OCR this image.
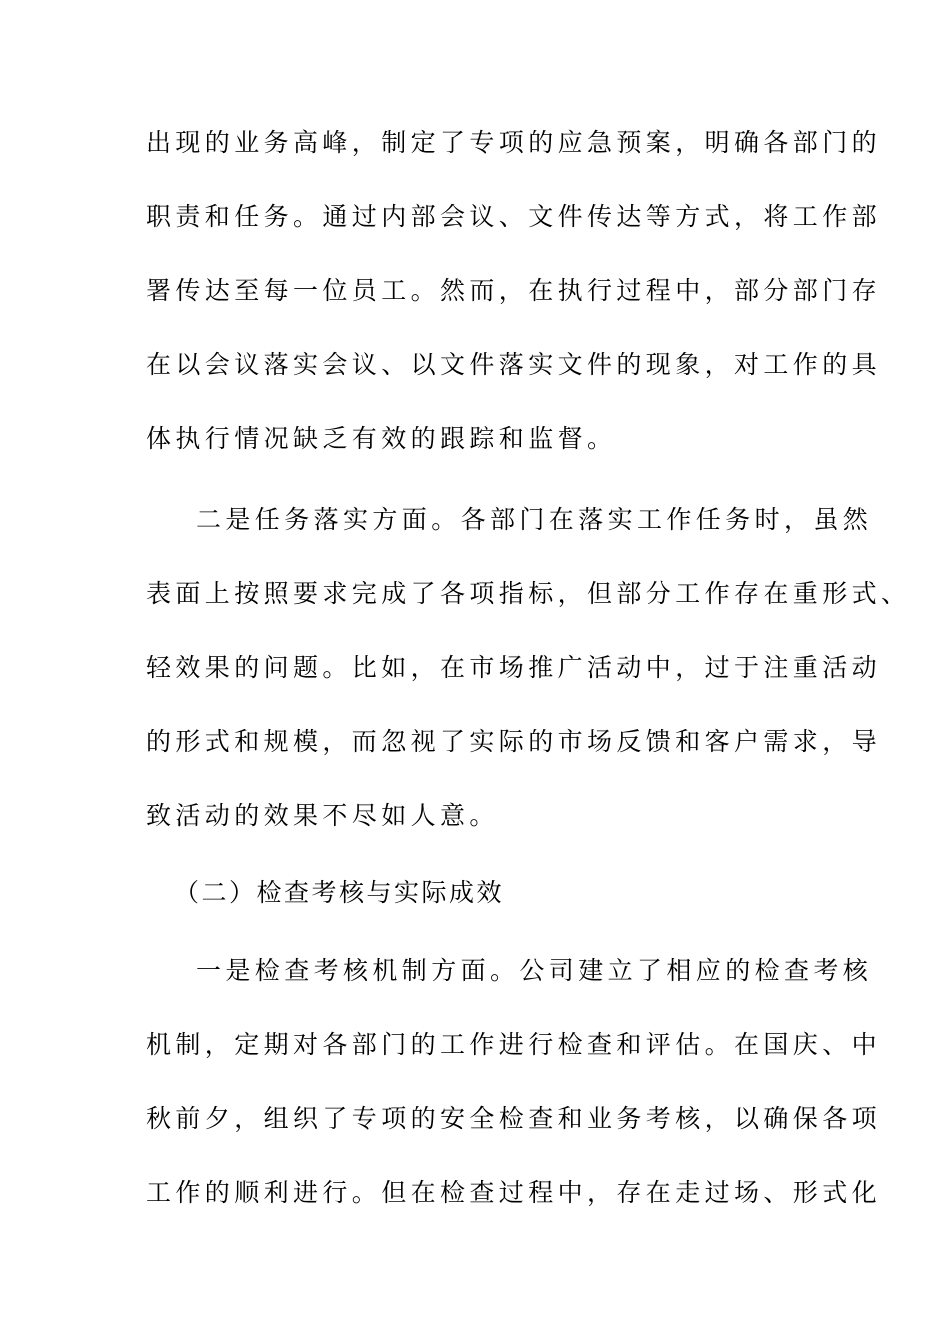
出现的业务高峰，制定了专项的应急预案，明确各部门的
职责和任务。通过内部会议、文件传达等方式，将工作部
署传达至每一位员工。然而，在执行过程中，部分部门存
在以会议落实会议、以文件落实文件的现象，对工作的具
体执行情况缺乏有效的跟踪和监督。
二是任务落实方面。各部门在落实工作任务时，虽然
表面上按照要求完成了各项指标，但部分工作存在重形式、
轻效果的问题。比如，在市场推广活动中，过于注重活动
的形式和规模，而忽视了实际的市场反馈和客户需求，导
致活动的效果不尽如人意。
（二）检查考核与实际成效
一是检查考核机制方面。公司建立了相应的检查考核
机制，定期对各部门的工作进行检查和评估。在国庆、中
秋前夕，组织了专项的安全检查和业务考核，以确保各项
工作的顺利进行。但在检查过程中，存在走过场、形式化
